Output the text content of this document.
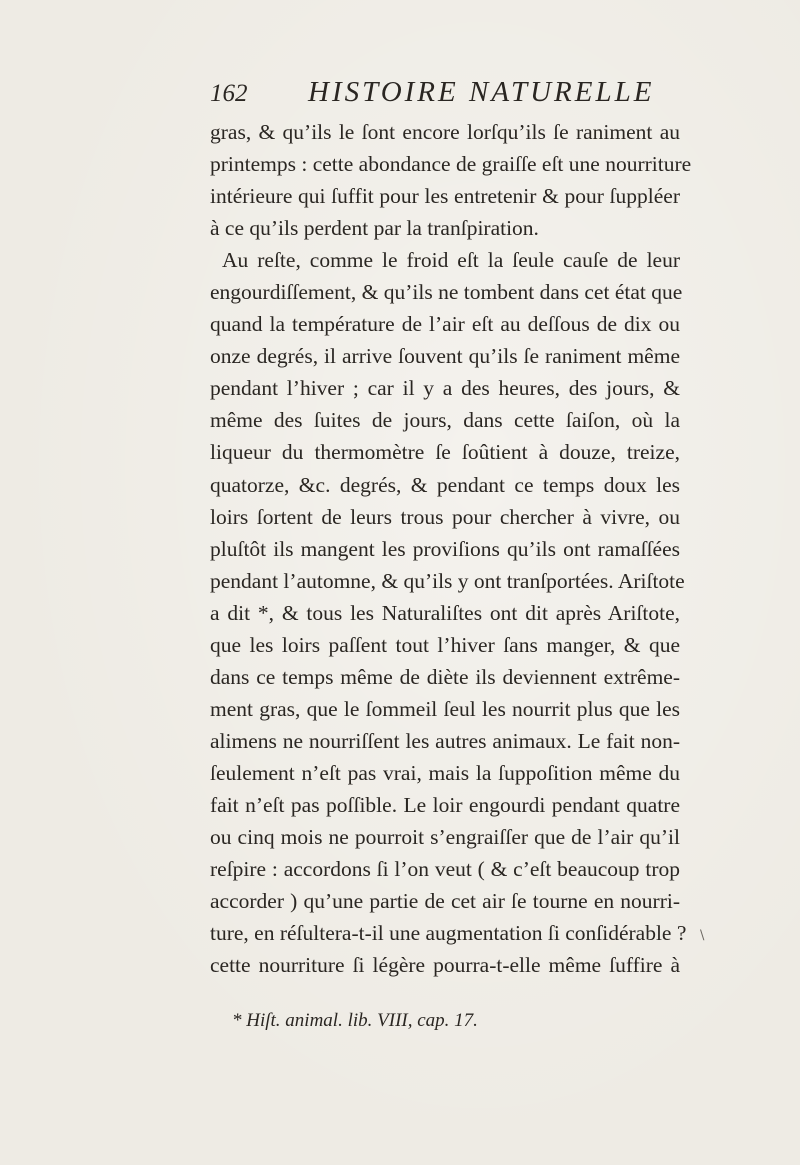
162 HISTOIRE NATURELLE
gras, & qu’ils le ſont encore lorſqu’ils ſe raniment au
printemps : cette abondance de graiſſe eſt une nourriture
intérieure qui ſuffit pour les entretenir & pour ſuppléer
à ce qu’ils perdent par la tranſpiration.
Au reſte, comme le froid eſt la ſeule cauſe de leur
engourdiſſement, & qu’ils ne tombent dans cet état que
quand la température de l’air eſt au deſſous de dix ou
onze degrés, il arrive ſouvent qu’ils ſe raniment même
pendant l’hiver ; car il y a des heures, des jours, &
même des ſuites de jours, dans cette ſaiſon, où la
liqueur du thermomètre ſe ſoûtient à douze, treize,
quatorze, &c. degrés, & pendant ce temps doux les
loirs ſortent de leurs trous pour chercher à vivre, ou
pluſtôt ils mangent les proviſions qu’ils ont ramaſſées
pendant l’automne, & qu’ils y ont tranſportées. Ariſtote
a dit *, & tous les Naturaliſtes ont dit après Ariſtote,
que les loirs paſſent tout l’hiver ſans manger, & que
dans ce temps même de diète ils deviennent extrême-
ment gras, que le ſommeil ſeul les nourrit plus que les
alimens ne nourriſſent les autres animaux. Le fait non-
ſeulement n’eſt pas vrai, mais la ſuppoſition même du
fait n’eſt pas poſſible. Le loir engourdi pendant quatre
ou cinq mois ne pourroit s’engraiſſer que de l’air qu’il
reſpire : accordons ſi l’on veut ( & c’eſt beaucoup trop
accorder ) qu’une partie de cet air ſe tourne en nourri-
ture, en réſultera-t-il une augmentation ſi conſidérable ?
cette nourriture ſi légère pourra-t-elle même ſuffire à
* Hiſt. animal. lib. VIII, cap. 17.
\
